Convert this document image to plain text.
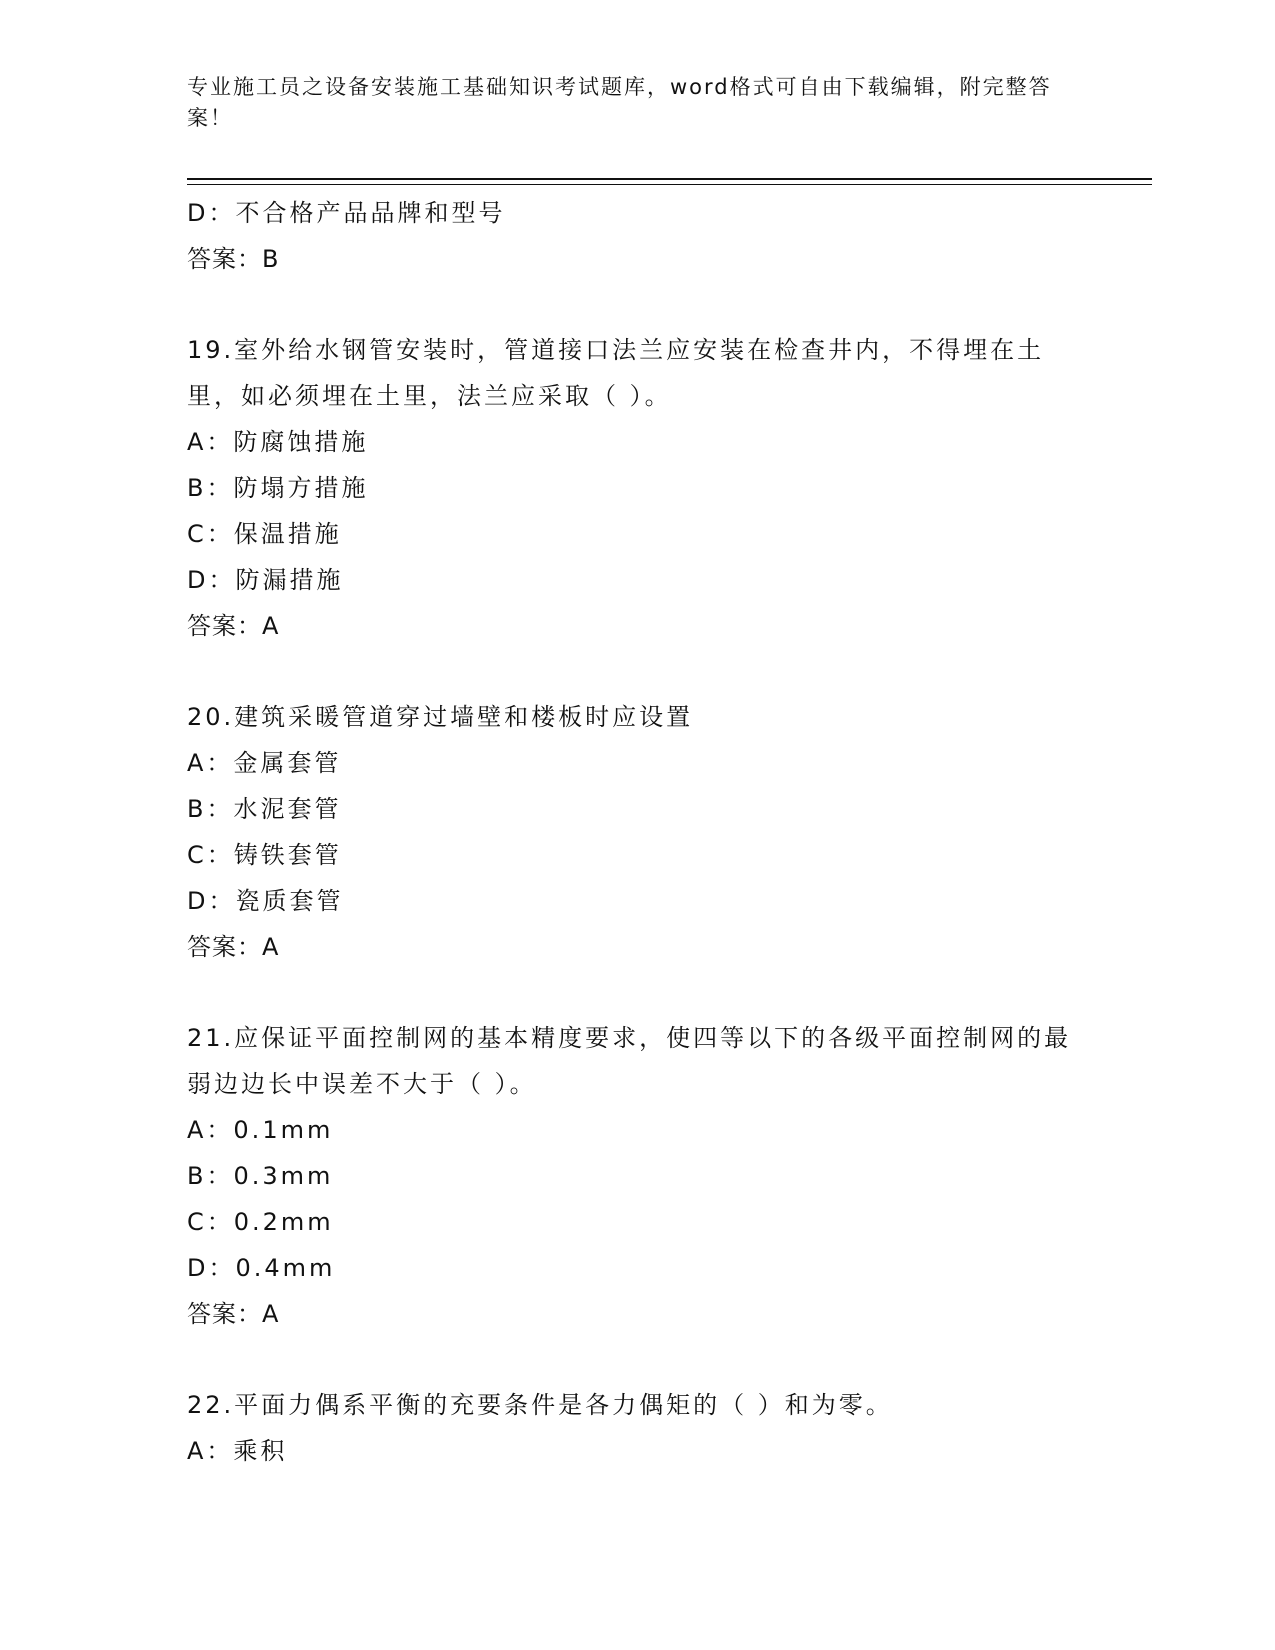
专业施工员之设备安装施工基础知识考试题库，word格式可自由下载编辑，附完整答案！
D：不合格产品品牌和型号
答案：B
19.室外给水钢管安装时，管道接口法兰应安装在检查井内，不得埋在土里，如必须埋在土里，法兰应采取（ ）。
A：防腐蚀措施
B：防塌方措施
C：保温措施
D：防漏措施
答案：A
20.建筑采暖管道穿过墙壁和楼板时应设置
A：金属套管
B：水泥套管
C：铸铁套管
D：瓷质套管
答案：A
21.应保证平面控制网的基本精度要求，使四等以下的各级平面控制网的最弱边边长中误差不大于（ ）。
A：0.1mm
B：0.3mm
C：0.2mm
D：0.4mm
答案：A
22.平面力偶系平衡的充要条件是各力偶矩的（ ）和为零。
A：乘积
